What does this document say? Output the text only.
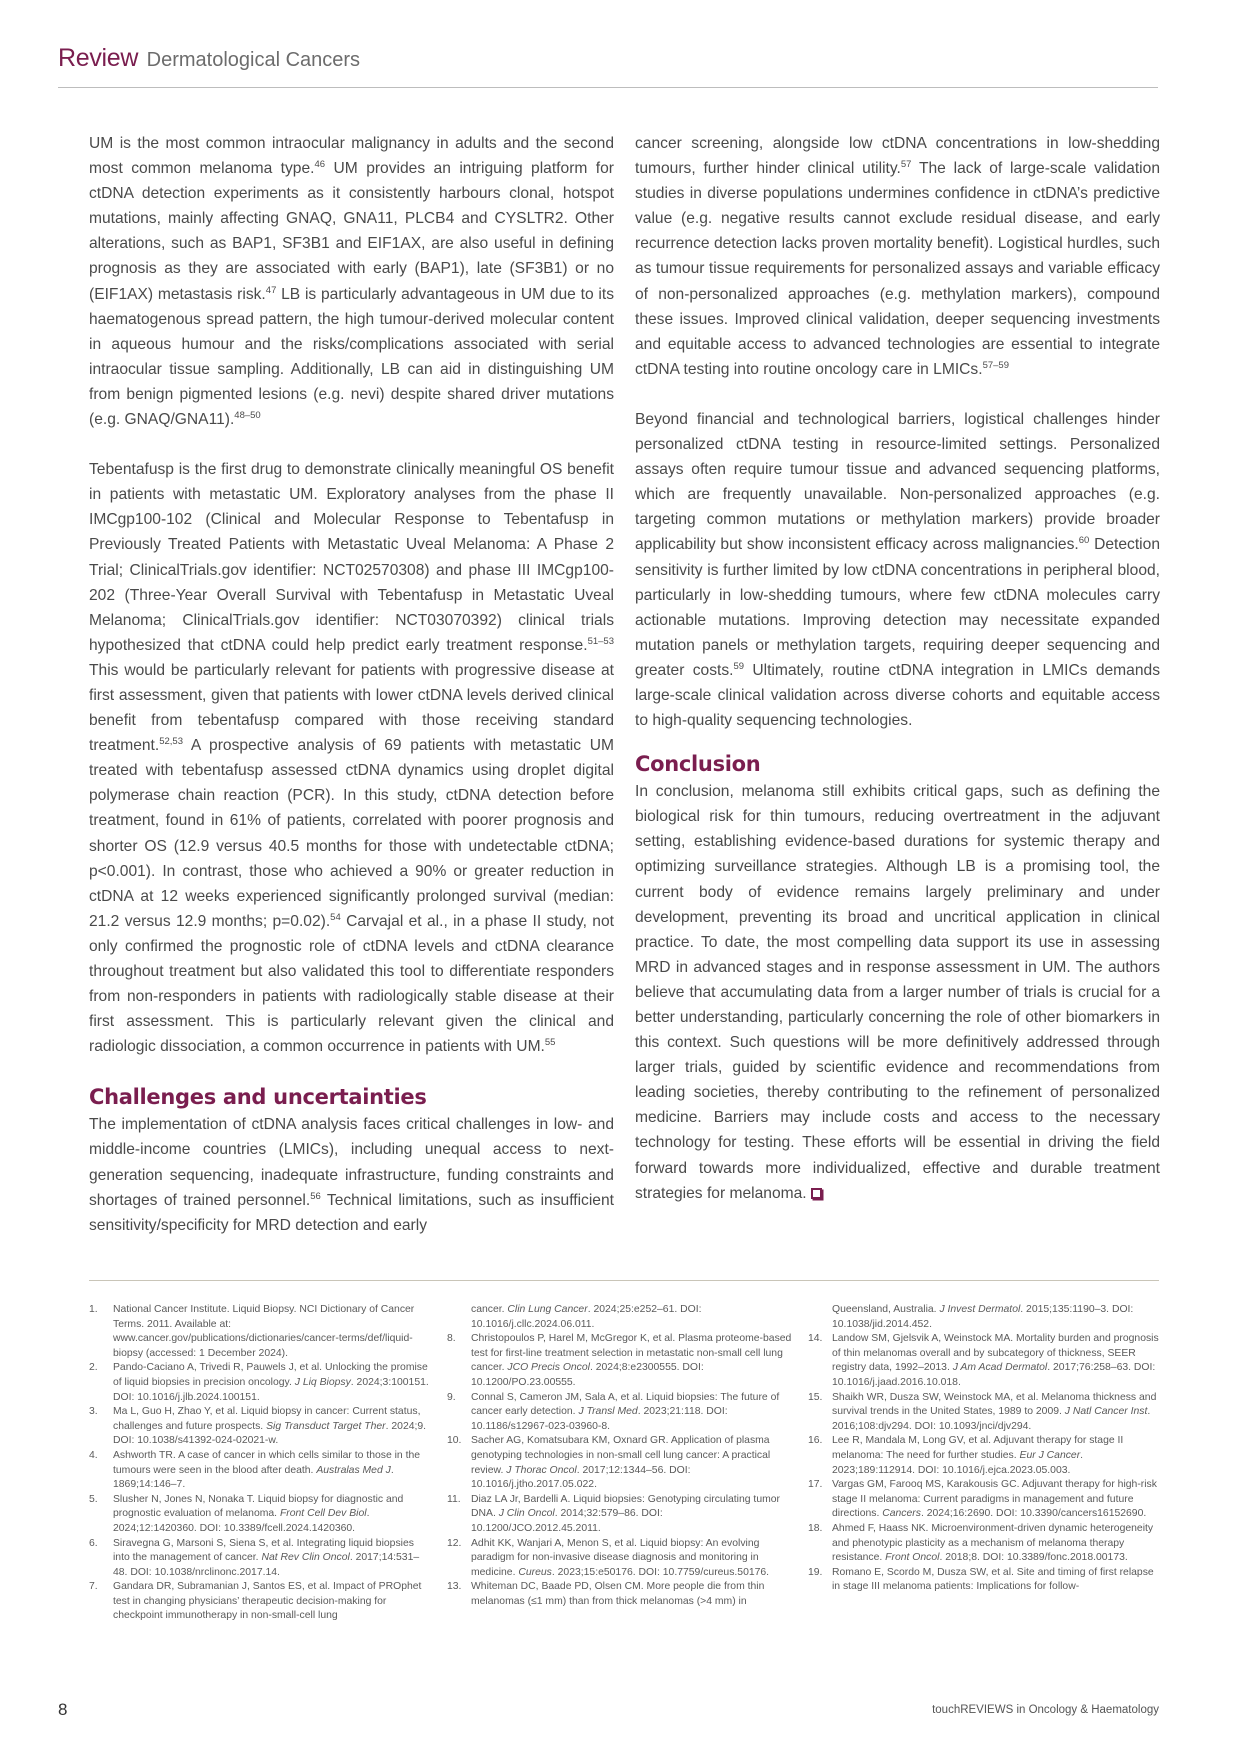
Review Dermatological Cancers

UM is the most common intraocular malignancy in adults and the second most common melanoma type.$^{46}$ UM provides an intriguing platform for ctDNA detection experiments as it consistently harbours clonal, hotspot mutations, mainly affecting GNAQ, GNA11, PLCB4 and CYSLTR2. Other alterations, such as BAP1, SF3B1 and EIF1AX, are also useful in defining prognosis as they are associated with early (BAP1), late (SF3B1) or no (EIF1AX) metastasis risk.$^{47}$ LB is particularly advantageous in UM due to its haematogenous spread pattern, the high tumour-derived molecular content in aqueous humour and the risks/complications associated with serial intraocular tissue sampling. Additionally, LB can aid in distinguishing UM from benign pigmented lesions (e.g. nevi) despite shared driver mutations (e.g. GNAQ/GNA11).$^{48-50}$

Tebentafusp is the first drug to demonstrate clinically meaningful OS benefit in patients with metastatic UM. Exploratory analyses from the phase II IMCgp100-102 (Clinical and Molecular Response to Tebentafusp in Previously Treated Patients with Metastatic Uveal Melanoma: A Phase 2 Trial; ClinicalTrials.gov identifier: NCT02570308) and phase III IMCgp100-202 (Three-Year Overall Survival with Tebentafusp in Metastatic Uveal Melanoma; ClinicalTrials.gov identifier: NCT03070392) clinical trials hypothesized that ctDNA could help predict early treatment response.$^{51-53}$ This would be particularly relevant for patients with progressive disease at first assessment, given that patients with lower ctDNA levels derived clinical benefit from tebentafusp compared with those receiving standard treatment.$^{52,53}$ A prospective analysis of 69 patients with metastatic UM treated with tebentafusp assessed ctDNA dynamics using droplet digital polymerase chain reaction (PCR). In this study, ctDNA detection before treatment, found in 61% of patients, correlated with poorer prognosis and shorter OS (12.9 versus 40.5 months for those with undetectable ctDNA; p<0.001). In contrast, those who achieved a 90% or greater reduction in ctDNA at 12 weeks experienced significantly prolonged survival (median: 21.2 versus 12.9 months; p=0.02).$^{54}$ Carvajal et al., in a phase II study, not only confirmed the prognostic role of ctDNA levels and ctDNA clearance throughout treatment but also validated this tool to differentiate responders from non-responders in patients with radiologically stable disease at their first assessment. This is particularly relevant given the clinical and radiologic dissociation, a common occurrence in patients with UM.$^{55}$

Challenges and uncertainties

The implementation of ctDNA analysis faces critical challenges in low- and middle-income countries (LMICs), including unequal access to next-generation sequencing, inadequate infrastructure, funding constraints and shortages of trained personnel.$^{56}$ Technical limitations, such as insufficient sensitivity/specificity for MRD detection and early

cancer screening, alongside low ctDNA concentrations in low-shedding tumours, further hinder clinical utility.$^{57}$ The lack of large-scale validation studies in diverse populations undermines confidence in ctDNA’s predictive value (e.g. negative results cannot exclude residual disease, and early recurrence detection lacks proven mortality benefit). Logistical hurdles, such as tumour tissue requirements for personalized assays and variable efficacy of non-personalized approaches (e.g. methylation markers), compound these issues. Improved clinical validation, deeper sequencing investments and equitable access to advanced technologies are essential to integrate ctDNA testing into routine oncology care in LMICs.$^{57-59}$

Beyond financial and technological barriers, logistical challenges hinder personalized ctDNA testing in resource-limited settings. Personalized assays often require tumour tissue and advanced sequencing platforms, which are frequently unavailable. Non-personalized approaches (e.g. targeting common mutations or methylation markers) provide broader applicability but show inconsistent efficacy across malignancies.$^{60}$ Detection sensitivity is further limited by low ctDNA concentrations in peripheral blood, particularly in low-shedding tumours, where few ctDNA molecules carry actionable mutations. Improving detection may necessitate expanded mutation panels or methylation targets, requiring deeper sequencing and greater costs.$^{59}$ Ultimately, routine ctDNA integration in LMICs demands large-scale clinical validation across diverse cohorts and equitable access to high-quality sequencing technologies.

Conclusion

In conclusion, melanoma still exhibits critical gaps, such as defining the biological risk for thin tumours, reducing overtreatment in the adjuvant setting, establishing evidence-based durations for systemic therapy and optimizing surveillance strategies. Although LB is a promising tool, the current body of evidence remains largely preliminary and under development, preventing its broad and uncritical application in clinical practice. To date, the most compelling data support its use in assessing MRD in advanced stages and in response assessment in UM. The authors believe that accumulating data from a larger number of trials is crucial for a better understanding, particularly concerning the role of other biomarkers in this context. Such questions will be more definitively addressed through larger trials, guided by scientific evidence and recommendations from leading societies, thereby contributing to the refinement of personalized medicine. Barriers may include costs and access to the necessary technology for testing. These efforts will be essential in driving the field forward towards more individualized, effective and durable treatment strategies for melanoma.

1.	National Cancer Institute. Liquid Biopsy. NCI Dictionary of Cancer Terms. 2011. Available at: www.cancer.gov/publications/dictionaries/cancer-terms/def/liquid-biopsy (accessed: 1 December 2024).
2.	Pando-Caciano A, Trivedi R, Pauwels J, et al. Unlocking the promise of liquid biopsies in precision oncology. J Liq Biopsy. 2024;3:100151. DOI: 10.1016/j.jlb.2024.100151.
3.	Ma L, Guo H, Zhao Y, et al. Liquid biopsy in cancer: Current status, challenges and future prospects. Sig Transduct Target Ther. 2024;9. DOI: 10.1038/s41392-024-02021-w.
4.	Ashworth TR. A case of cancer in which cells similar to those in the tumours were seen in the blood after death. Australas Med J. 1869;14:146–7.
5.	Slusher N, Jones N, Nonaka T. Liquid biopsy for diagnostic and prognostic evaluation of melanoma. Front Cell Dev Biol. 2024;12:1420360. DOI: 10.3389/fcell.2024.1420360.
6.	Siravegna G, Marsoni S, Siena S, et al. Integrating liquid biopsies into the management of cancer. Nat Rev Clin Oncol. 2017;14:531–48. DOI: 10.1038/nrclinonc.2017.14.
7.	Gandara DR, Subramanian J, Santos ES, et al. Impact of PROphet test in changing physicians’ therapeutic decision-making for checkpoint immunotherapy in non-small-cell lung
cancer. Clin Lung Cancer. 2024;25:e252–61. DOI: 10.1016/j.cllc.2024.06.011.
8.	Christopoulos P, Harel M, McGregor K, et al. Plasma proteome-based test for first-line treatment selection in metastatic non-small cell lung cancer. JCO Precis Oncol. 2024;8:e2300555. DOI: 10.1200/PO.23.00555.
9.	Connal S, Cameron JM, Sala A, et al. Liquid biopsies: The future of cancer early detection. J Transl Med. 2023;21:118. DOI: 10.1186/s12967-023-03960-8.
10. Sacher AG, Komatsubara KM, Oxnard GR. Application of plasma genotyping technologies in non-small cell lung cancer: A practical review. J Thorac Oncol. 2017;12:1344–56. DOI: 10.1016/j.jtho.2017.05.022.
11. Diaz LA Jr, Bardelli A. Liquid biopsies: Genotyping circulating tumor DNA. J Clin Oncol. 2014;32:579–86. DOI: 10.1200/JCO.2012.45.2011.
12. Adhit KK, Wanjari A, Menon S, et al. Liquid biopsy: An evolving paradigm for non-invasive disease diagnosis and monitoring in medicine. Cureus. 2023;15:e50176. DOI: 10.7759/cureus.50176.
13. Whiteman DC, Baade PD, Olsen CM. More people die from thin melanomas (≤1 mm) than from thick melanomas (>4 mm) in
Queensland, Australia. J Invest Dermatol. 2015;135:1190–3. DOI: 10.1038/jid.2014.452.
14. Landow SM, Gjelsvik A, Weinstock MA. Mortality burden and prognosis of thin melanomas overall and by subcategory of thickness, SEER registry data, 1992–2013. J Am Acad Dermatol. 2017;76:258–63. DOI: 10.1016/j.jaad.2016.10.018.
15. Shaikh WR, Dusza SW, Weinstock MA, et al. Melanoma thickness and survival trends in the United States, 1989 to 2009. J Natl Cancer Inst. 2016;108:djv294. DOI: 10.1093/jnci/djv294.
16. Lee R, Mandala M, Long GV, et al. Adjuvant therapy for stage II melanoma: The need for further studies. Eur J Cancer. 2023;189:112914. DOI: 10.1016/j.ejca.2023.05.003.
17. Vargas GM, Farooq MS, Karakousis GC. Adjuvant therapy for high-risk stage II melanoma: Current paradigms in management and future directions. Cancers. 2024;16:2690. DOI: 10.3390/cancers16152690.
18. Ahmed F, Haass NK. Microenvironment-driven dynamic heterogeneity and phenotypic plasticity as a mechanism of melanoma therapy resistance. Front Oncol. 2018;8. DOI: 10.3389/fonc.2018.00173.
19. Romano E, Scordo M, Dusza SW, et al. Site and timing of first relapse in stage III melanoma patients: Implications for follow-
8	touchREVIEWS in Oncology & Haematology
